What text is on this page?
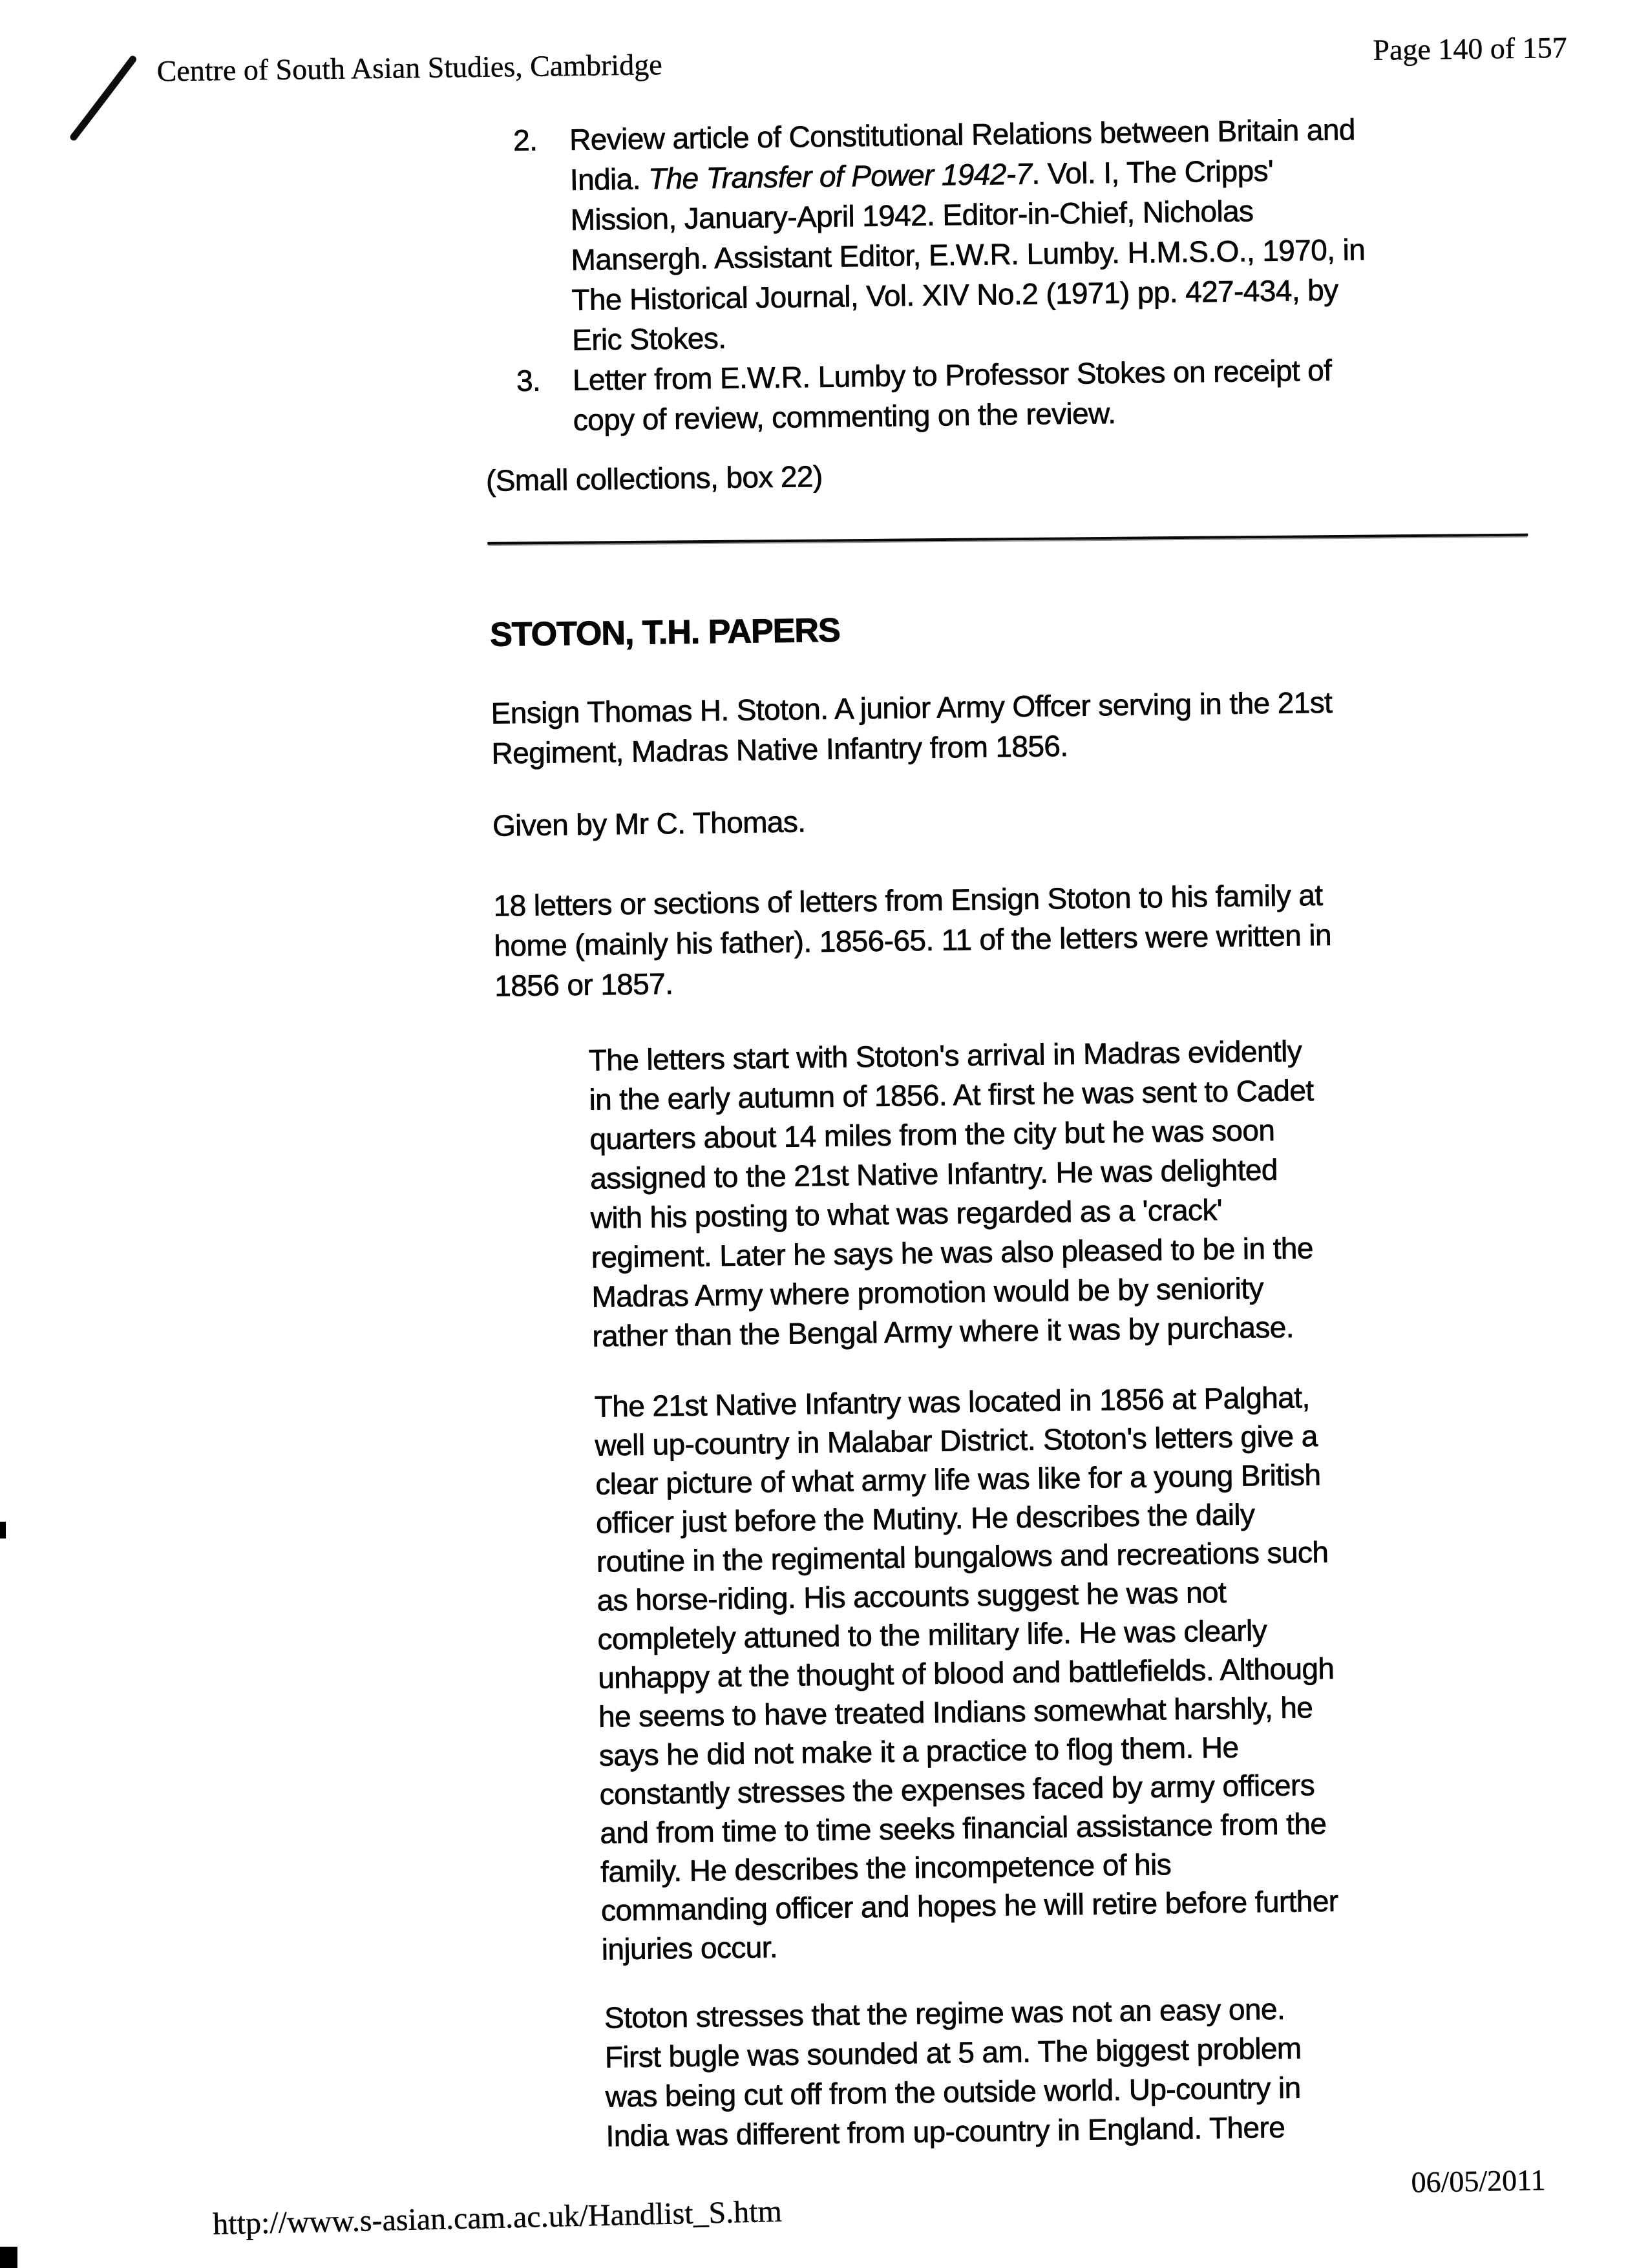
Centre of South Asian Studies, Cambridge	Page 140 of 157
2. Review article of Constitutional Relations between Britain and
India. The Transfer of Power 1942-7. Vol. I, The Cripps'
Mission, January-April 1942. Editor-in-Chief, Nicholas
Mansergh. Assistant Editor, E.W.R. Lumby. H.M.S.O., 1970, in
The Historical Journal, Vol. XIV No.2 (1971) pp. 427-434, by
Eric Stokes.
3. Letter from E.W.R. Lumby to Professor Stokes on receipt of
copy of review, commenting on the review.
(Small collections, box 22)
STOTON, T.H. PAPERS
Ensign Thomas H. Stoton. A junior Army Offcer serving in the 21st
Regiment, Madras Native Infantry from 1856.
Given by Mr C. Thomas.
18 letters or sections of letters from Ensign Stoton to his family at
home (mainly his father). 1856-65. 11 of the letters were written in
1856 or 1857.
The letters start with Stoton's arrival in Madras evidently
in the early autumn of 1856. At first he was sent to Cadet
quarters about 14 miles from the city but he was soon
assigned to the 21st Native Infantry. He was delighted
with his posting to what was regarded as a 'crack'
regiment. Later he says he was also pleased to be in the
Madras Army where promotion would be by seniority
rather than the Bengal Army where it was by purchase.
The 21st Native Infantry was located in 1856 at Palghat,
well up-country in Malabar District. Stoton's letters give a
clear picture of what army life was like for a young British
officer just before the Mutiny. He describes the daily
routine in the regimental bungalows and recreations such
as horse-riding. His accounts suggest he was not
completely attuned to the military life. He was clearly
unhappy at the thought of blood and battlefields. Although
he seems to have treated Indians somewhat harshly, he
says he did not make it a practice to flog them. He
constantly stresses the expenses faced by army officers
and from time to time seeks financial assistance from the
family. He describes the incompetence of his
commanding officer and hopes he will retire before further
injuries occur.
Stoton stresses that the regime was not an easy one.
First bugle was sounded at 5 am. The biggest problem
was being cut off from the outside world. Up-country in
India was different from up-country in England. There
http://www.s-asian.cam.ac.uk/Handlist_S.htm
06/05/2011
